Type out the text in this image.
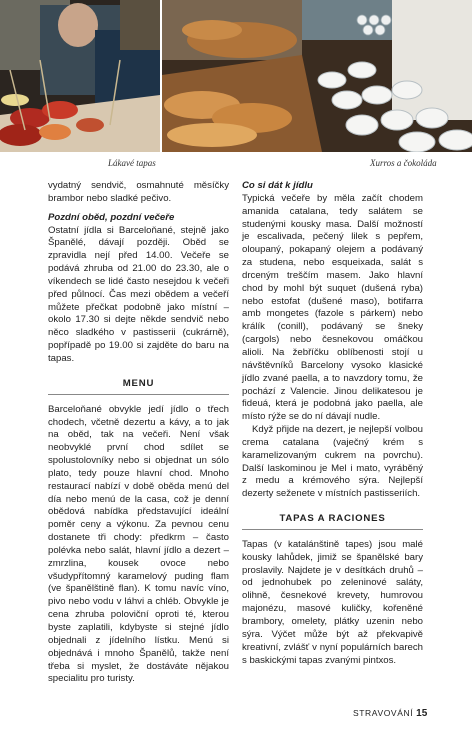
Lákavé tapas	Xurros a čokoláda

vydatný sendvič, osmahnuté měsíčky brambor nebo sladké pečivo.

Pozdní oběd, pozdní večeře

Ostatní jídla si Barceloňané, stejně jako Španělé, dávají později. Oběd se zpravidla nejí před 14.00. Večeře se podává zhruba od 21.00 do 23.30, ale o víkendech se lidé často nesejdou k večeři před půlnocí. Čas mezi obědem a večeří můžete přečkat podobně jako místní – okolo 17.30 si dejte někde sendvič nebo něco sladkého v pastisserii (cukrárně), popřípadě po 19.00 si zajděte do baru na tapas.

MENU

Barceloňané obvykle jedí jídlo o třech chodech, včetně dezertu a kávy, a to jak na oběd, tak na večeři. Není však neobvyklé první chod sdílet se spolustolovníky nebo si objednat un sólo plato, tedy pouze hlavní chod. Mnoho restaurací nabízí v době oběda menú del día nebo menú de la casa, což je denní obědová nabídka představující ideální poměr ceny a výkonu. Za pevnou cenu dostanete tři chody: předkrm – často polévka nebo salát, hlavní jídlo a dezert – zmrzlina, kousek ovoce nebo všudypřítomný karamelový puding flam (ve španělštině flan). K tomu navíc víno, pivo nebo vodu v láhvi a chléb. Obvykle je cena zhruba poloviční oproti té, kterou byste zaplatili, kdybyste si stejné jídlo objednali z jídelního lístku. Menú si objednává i mnoho Španělů, takže není třeba si myslet, že dostáváte nějakou specialitu pro turisty.

Co si dát k jídlu

Typická večeře by měla začít chodem amanida catalana, tedy salátem se studenými kousky masa. Další možností je escalivada, pečený lilek s pepřem, oloupaný, pokapaný olejem a podávaný za studena, nebo esqueixada, salát s drceným treščím masem. Jako hlavní chod by mohl být suquet (dušená ryba) nebo estofat (dušené maso), botifarra amb mongetes (fazole s párkem) nebo králík (conill), podávaný se šneky (cargols) nebo česnekovou omáčkou alioli. Na žebříčku oblíbenosti stojí u návštěvníků Barcelony vysoko klasické jídlo zvané paella, a to navzdory tomu, že pochází z Valencie. Jinou delikatesou je fideuá, která je podobná jako paella, ale místo rýže se do ní dávají nudle.

Když přijde na dezert, je nejlepší volbou crema catalana (vaječný krém s karamelizovaným cukrem na povrchu). Další laskominou je Mel i mato, vyráběný z medu a krémového sýra. Nejlepší dezerty seženete v místních pastisseriích.

TAPAS A RACIONES

Tapas (v katalánštině tapes) jsou malé kousky lahůdek, jimiž se španělské bary proslavily. Najdete je v desítkách druhů – od jednohubek po zeleninové saláty, olihně, česnekové krevety, humrovou majonézu, masové kuličky, kořeněné brambory, omelety, plátky uzenin nebo sýra. Výčet může být až překvapivě kreativní, zvlášť v nyní populárních barech s baskickými tapas zvanými pintxos.

STRAVOVÁNÍ 15
